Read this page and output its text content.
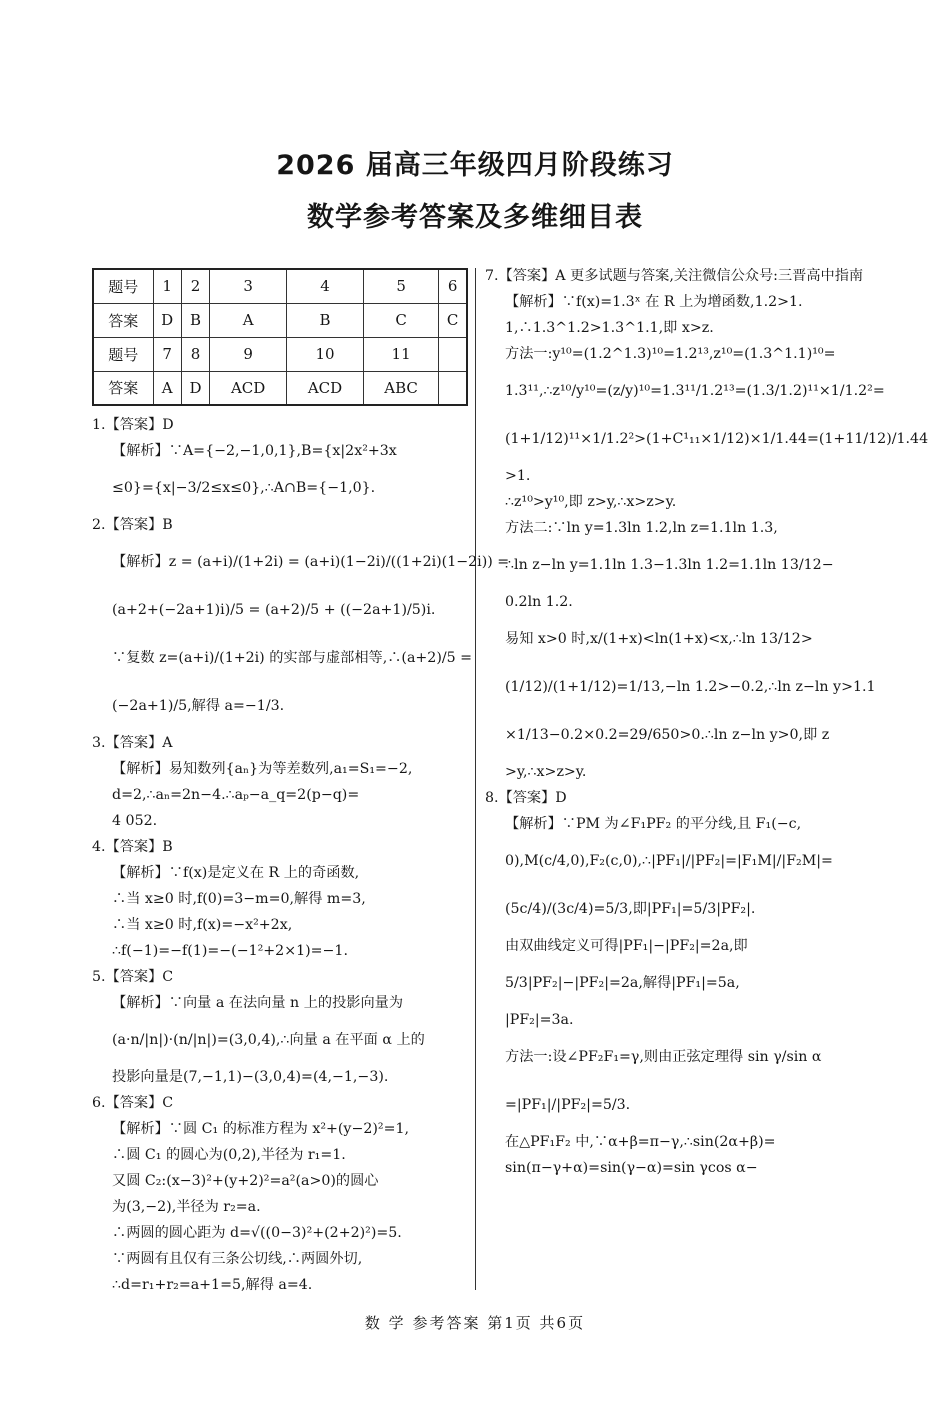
2026 届高三年级四月阶段练习
数学参考答案及多维细目表
题号	1	2	3	4	5	6
答案	D	B	A	B	C	C
题号	7	8	9	10	11	
答案	A	D	ACD	ACD	ABC	
1.【答案】D
【解析】∵A={−2,−1,0,1},B={x|2x²+3x
≤0}={x|−3/2≤x≤0},∴A∩B={−1,0}.
2.【答案】B
【解析】z = (a+i)/(1+2i) = (a+i)(1−2i)/((1+2i)(1−2i)) =
(a+2+(−2a+1)i)/5 = (a+2)/5 + ((−2a+1)/5)i.
∵复数 z=(a+i)/(1+2i) 的实部与虚部相等,∴(a+2)/5 =
(−2a+1)/5,解得 a=−1/3.
3.【答案】A
【解析】易知数列{aₙ}为等差数列,a₁=S₁=−2,
d=2,∴aₙ=2n−4.∴aₚ−a_q=2(p−q)=
4 052.
4.【答案】B
【解析】∵f(x)是定义在 R 上的奇函数,
∴当 x≥0 时,f(0)=3−m=0,解得 m=3,
∴当 x≥0 时,f(x)=−x²+2x,
∴f(−1)=−f(1)=−(−1²+2×1)=−1.
5.【答案】C
【解析】∵向量 a 在法向量 n 上的投影向量为
(a·n/|n|)·(n/|n|)=(3,0,4),∴向量 a 在平面 α 上的
投影向量是(7,−1,1)−(3,0,4)=(4,−1,−3).
6.【答案】C
【解析】∵圆 C₁ 的标准方程为 x²+(y−2)²=1,
∴圆 C₁ 的圆心为(0,2),半径为 r₁=1.
又圆 C₂:(x−3)²+(y+2)²=a²(a>0)的圆心
为(3,−2),半径为 r₂=a.
∴两圆的圆心距为 d=√((0−3)²+(2+2)²)=5.
∵两圆有且仅有三条公切线,∴两圆外切,
∴d=r₁+r₂=a+1=5,解得 a=4.
7.【答案】A 更多试题与答案,关注微信公众号:三晋高中指南
【解析】∵f(x)=1.3ˣ 在 R 上为增函数,1.2>1.
1,∴1.3^1.2>1.3^1.1,即 x>z.
方法一:y¹⁰=(1.2^1.3)¹⁰=1.2¹³,z¹⁰=(1.3^1.1)¹⁰=
1.3¹¹,∴z¹⁰/y¹⁰=(z/y)¹⁰=1.3¹¹/1.2¹³=(1.3/1.2)¹¹×1/1.2²=
(1+1/12)¹¹×1/1.2²>(1+C¹₁₁×1/12)×1/1.44=(1+11/12)/1.44
>1.
∴z¹⁰>y¹⁰,即 z>y,∴x>z>y.
方法二:∵ln y=1.3ln 1.2,ln z=1.1ln 1.3,
∴ln z−ln y=1.1ln 1.3−1.3ln 1.2=1.1ln 13/12−
0.2ln 1.2.
易知 x>0 时,x/(1+x)<ln(1+x)<x,∴ln 13/12>
(1/12)/(1+1/12)=1/13,−ln 1.2>−0.2,∴ln z−ln y>1.1
×1/13−0.2×0.2=29/650>0.∴ln z−ln y>0,即 z
>y,∴x>z>y.
8.【答案】D
【解析】∵PM 为∠F₁PF₂ 的平分线,且 F₁(−c,
0),M(c/4,0),F₂(c,0),∴|PF₁|/|PF₂|=|F₁M|/|F₂M|=
(5c/4)/(3c/4)=5/3,即|PF₁|=5/3|PF₂|.
由双曲线定义可得|PF₁|−|PF₂|=2a,即
5/3|PF₂|−|PF₂|=2a,解得|PF₁|=5a,
|PF₂|=3a.
方法一:设∠PF₂F₁=γ,则由正弦定理得 sin γ/sin α
=|PF₁|/|PF₂|=5/3.
在△PF₁F₂ 中,∵α+β=π−γ,∴sin(2α+β)=
sin(π−γ+α)=sin(γ−α)=sin γcos α−
数 学 参考答案 第1页 共6页
